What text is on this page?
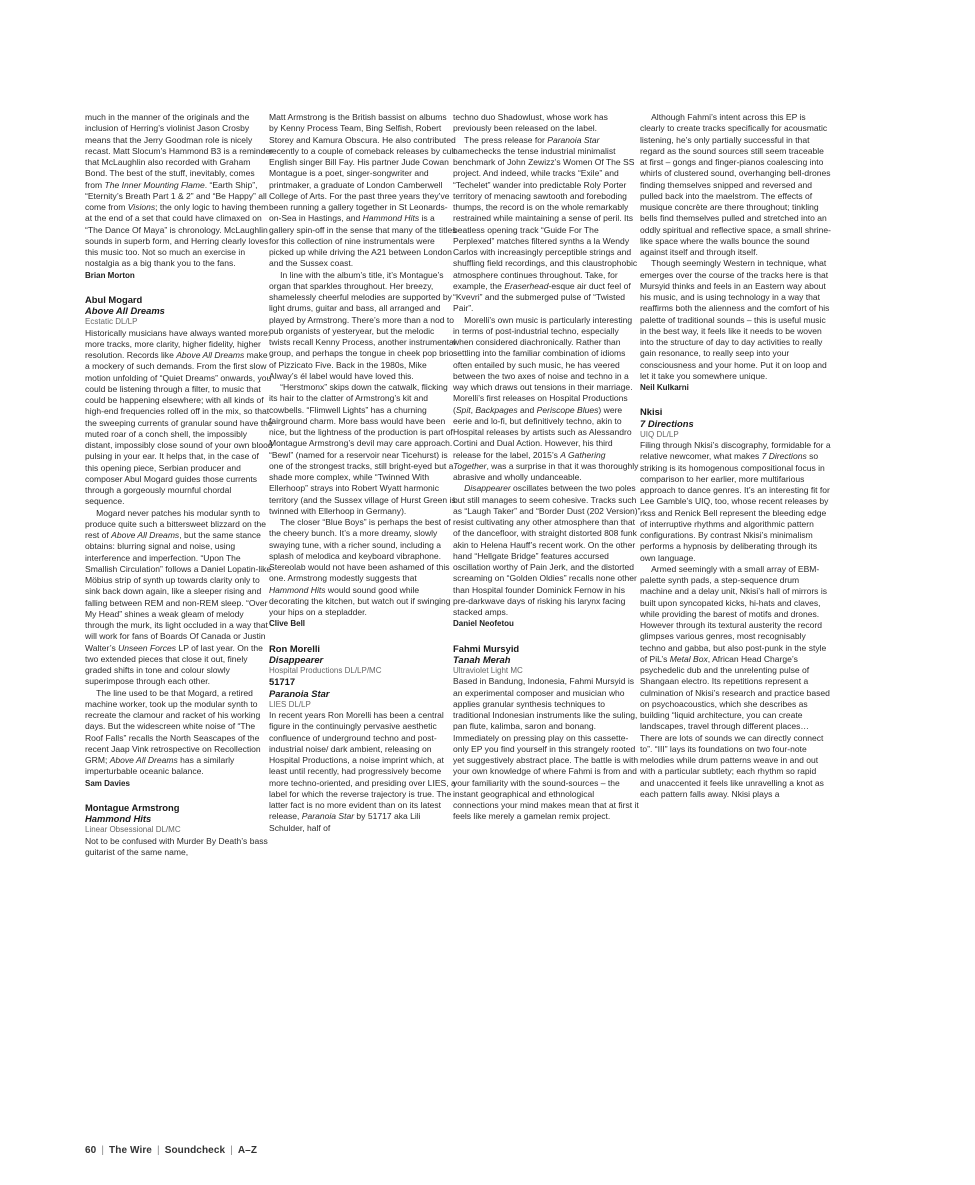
much in the manner of the originals and the inclusion of Herring’s violinist Jason Crosby means that the Jerry Goodman role is nicely recast. Matt Slocum’s Hammond B3 is a reminder that McLaughlin also recorded with Graham Bond. The best of the stuff, inevitably, comes from The Inner Mounting Flame. “Earth Ship”, “Eternity’s Breath Part 1 & 2” and “Be Happy” all come from Visions; the only logic to having them at the end of a set that could have climaxed on “The Dance Of Maya” is chronology. McLaughlin sounds in superb form, and Herring clearly loves this music too. Not so much an exercise in nostalgia as a big thank you to the fans.
Brian Morton
Abul Mogard
Above All Dreams
Ecstatic DL/LP
Historically musicians have always wanted more: more tracks, more clarity, higher fidelity, higher resolution. Records like Above All Dreams make a mockery of such demands. From the first slow motion unfolding of “Quiet Dreams” onwards, you could be listening through a filter, to music that could be happening elsewhere; with all kinds of high-end frequencies rolled off in the mix, so that the sweeping currents of granular sound have the muted roar of a conch shell, the impossibly distant, impossibly close sound of your own blood pulsing in your ear. It helps that, in the case of this opening piece, Serbian producer and composer Abul Mogard guides those currents through a gorgeously mournful chordal sequence.
Mogard never patches his modular synth to produce quite such a bittersweet blizzard on the rest of Above All Dreams, but the same stance obtains: blurring signal and noise, using interference and imperfection. “Upon The Smallish Circulation” follows a Daniel Lopatin-like Möbius strip of synth up towards clarity only to sink back down again, like a sleeper rising and falling between REM and non-REM sleep. “Over My Head” shines a weak gleam of melody through the murk, its light occluded in a way that will work for fans of Boards Of Canada or Justin Walter’s Unseen Forces LP of last year. On the two extended pieces that close it out, finely graded shifts in tone and colour slowly superimpose through each other.
The line used to be that Mogard, a retired machine worker, took up the modular synth to recreate the clamour and racket of his working days. But the widescreen white noise of “The Roof Falls” recalls the North Seascapes of the recent Jaap Vink retrospective on Recollection GRM; Above All Dreams has a similarly imperturbable oceanic balance.
Sam Davies
Montague Armstrong
Hammond Hits
Linear Obsessional DL/MC
Not to be confused with Murder By Death’s bass guitarist of the same name,
Matt Armstrong is the British bassist on albums by Kenny Process Team, Bing Selfish, Robert Storey and Kamura Obscura. He also contributed recently to a couple of comeback releases by cult English singer Bill Fay. His partner Jude Cowan Montague is a poet, singer-songwriter and printmaker, a graduate of London Camberwell College of Arts. For the past three years they’ve been running a gallery together in St Leonards-on-Sea in Hastings, and Hammond Hits is a gallery spin-off in the sense that many of the titles for this collection of nine instrumentals were picked up while driving the A21 between London and the Sussex coast.
In line with the album’s title, it’s Montague’s organ that sparkles throughout. Her breezy, shamelessly cheerful melodies are supported by light drums, guitar and bass, all arranged and played by Armstrong. There’s more than a nod to pub organists of yesteryear, but the melodic twists recall Kenny Process, another instrumental group, and perhaps the tongue in cheek pop brio of Pizzicato Five. Back in the 1980s, Mike Alway’s él label would have loved this.
“Herstmonx” skips down the catwalk, flicking its hair to the clatter of Armstrong’s kit and cowbells. “Flimwell Lights” has a churning fairground charm. More bass would have been nice, but the lightness of the production is part of Montague Armstrong’s devil may care approach. “Bewl” (named for a reservoir near Ticehurst) is one of the strongest tracks, still bright-eyed but a shade more complex, while “Twinned With Ellerhoop” strays into Robert Wyatt harmonic territory (and the Sussex village of Hurst Green is twinned with Ellerhoop in Germany).
The closer “Blue Boys” is perhaps the best of the cheery bunch. It’s a more dreamy, slowly swaying tune, with a richer sound, including a splash of melodica and keyboard vibraphone. Stereolab would not have been ashamed of this one. Armstrong modestly suggests that Hammond Hits would sound good while decorating the kitchen, but watch out if swinging your hips on a stepladder.
Clive Bell
Ron Morelli
Disappearer
Hospital Productions DL/LP/MC
51717
Paranoia Star
LIES DL/LP
In recent years Ron Morelli has been a central figure in the continuingly pervasive aesthetic confluence of underground techno and post-industrial noise/ dark ambient, releasing on Hospital Productions, a noise imprint which, at least until recently, had progressively become more techno-oriented, and presiding over LIES, a label for which the reverse trajectory is true. The latter fact is no more evident than on its latest release, Paranoia Star by 51717 aka Lili Schulder, half of
techno duo Shadowlust, whose work has previously been released on the label.
The press release for Paranoia Star namechecks the tense industrial minimalist benchmark of John Zewizz’s Women Of The SS project. And indeed, while tracks “Exile” and “Techelet” wander into predictable Roly Porter territory of menacing sawtooth and foreboding thumps, the record is on the whole remarkably restrained while maintaining a sense of peril. Its beatless opening track “Guide For The Perplexed” matches filtered synths a la Wendy Carlos with increasingly perceptible strings and shuffling field recordings, and this claustrophobic atmosphere continues throughout. Take, for example, the Eraserhead-esque air duct feel of “Kvevri” and the submerged pulse of “Twisted Pair”.
Morelli’s own music is particularly interesting in terms of post-industrial techno, especially when considered diachronically. Rather than settling into the familiar combination of idioms often entailed by such music, he has veered between the two axes of noise and techno in a way which draws out tensions in their marriage. Morelli’s first releases on Hospital Productions (Spit, Backpages and Periscope Blues) were eerie and lo-fi, but definitively techno, akin to Hospital releases by artists such as Alessandro Cortini and Dual Action. However, his third release for the label, 2015’s A Gathering Together, was a surprise in that it was thoroughly abrasive and wholly undanceable.
Disappearer oscillates between the two poles but still manages to seem cohesive. Tracks such as “Laugh Taker” and “Border Dust (202 Version)” resist cultivating any other atmosphere than that of the dancefloor, with straight distorted 808 funk akin to Helena Hauff’s recent work. On the other hand “Hellgate Bridge” features accursed oscillation worthy of Pain Jerk, and the distorted screaming on “Golden Oldies” recalls none other than Hospital founder Dominick Fernow in his pre-darkwave days of risking his larynx facing stacked amps.
Daniel Neofetou
Fahmi Mursyid
Tanah Merah
Ultraviolet Light MC
Based in Bandung, Indonesia, Fahmi Mursyid is an experimental composer and musician who applies granular synthesis techniques to traditional Indonesian instruments like the suling, pan flute, kalimba, saron and bonang. Immediately on pressing play on this cassette-only EP you find yourself in this strangely rooted yet suggestively abstract place. The battle is with your own knowledge of where Fahmi is from and your familiarity with the sound-sources – the instant geographical and ethnological connections your mind makes mean that at first it feels like merely a gamelan remix project.
Although Fahmi’s intent across this EP is clearly to create tracks specifically for acousmatic listening, he’s only partially successful in that regard as the sound sources still seem traceable at first – gongs and finger-pianos coalescing into whirls of clustered sound, overhanging bell-drones finding themselves snipped and reversed and pulled back into the maelstrom. The effects of musique concrète are there throughout; tinkling bells find themselves pulled and stretched into an oddly spiritual and reflective space, a small shrine-like space where the walls bounce the sound against itself and through itself.
Though seemingly Western in technique, what emerges over the course of the tracks here is that Mursyid thinks and feels in an Eastern way about his music, and is using technology in a way that reaffirms both the alienness and the comfort of his palette of traditional sounds – this is useful music in the best way, it feels like it needs to be woven into the structure of day to day activities to really gain resonance, to really seep into your consciousness and your home. Put it on loop and let it take you somewhere unique.
Neil Kulkarni
Nkisi
7 Directions
UIQ DL/LP
Filing through Nkisi’s discography, formidable for a relative newcomer, what makes 7 Directions so striking is its homogenous compositional focus in comparison to her earlier, more multifarious approach to dance genres. It’s an interesting fit for Lee Gamble’s UIQ, too, whose recent releases by rkss and Renick Bell represent the bleeding edge of interruptive rhythms and algorithmic pattern configurations. By contrast Nkisi’s minimalism performs a hypnosis by deliberating through its own language.
Armed seemingly with a small array of EBM-palette synth pads, a step-sequence drum machine and a delay unit, Nkisi’s hall of mirrors is built upon syncopated kicks, hi-hats and claves, while providing the barest of motifs and drones. However through its textural austerity the record glimpses various genres, most recognisably techno and gabba, but also post-punk in the style of PiL’s Metal Box, African Head Charge’s psychedelic dub and the unrelenting pulse of Shangaan electro. Its repetitions represent a culmination of Nkisi’s research and practice based on psychoacoustics, which she describes as building “liquid architecture, you can create landscapes, travel through different places… There are lots of sounds we can directly connect to”. “III” lays its foundations on two four-note melodies while drum patterns weave in and out with a particular subtlety; each rhythm so rapid and unaccented it feels like unravelling a knot as each pattern falls away. Nkisi plays a
60 | The Wire | Soundcheck | A–Z
